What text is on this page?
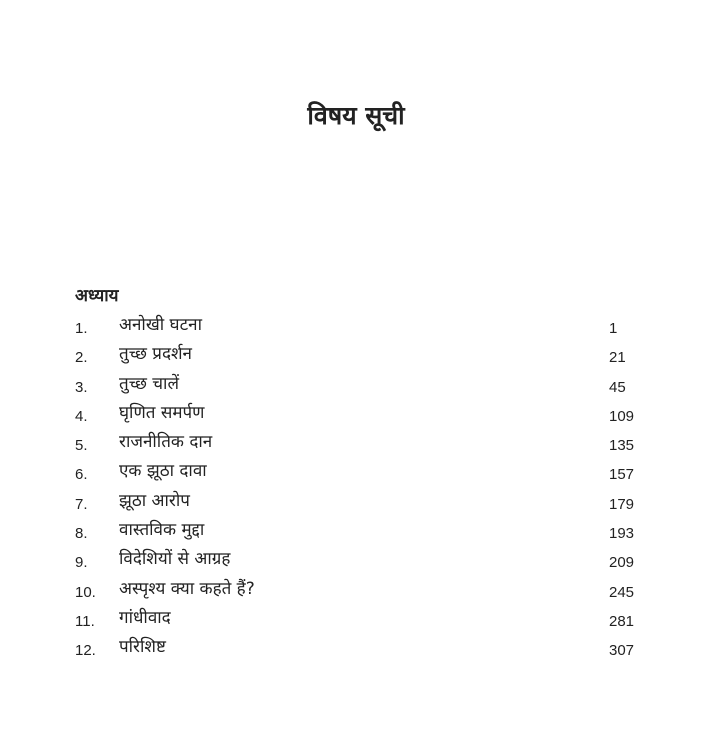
विषय सूची
अध्याय
1. अनोखी घटना	1
2. तुच्छ प्रदर्शन	21
3. तुच्छ चालें	45
4. घृणित समर्पण	109
5. राजनीतिक दान	135
6. एक झूठा दावा	157
7. झूठा आरोप	179
8. वास्तविक मुद्दा	193
9. विदेशियों से आग्रह	209
10. अस्पृश्य क्या कहते हैं?	245
11. गांधीवाद	281
12. परिशिष्ट	307
